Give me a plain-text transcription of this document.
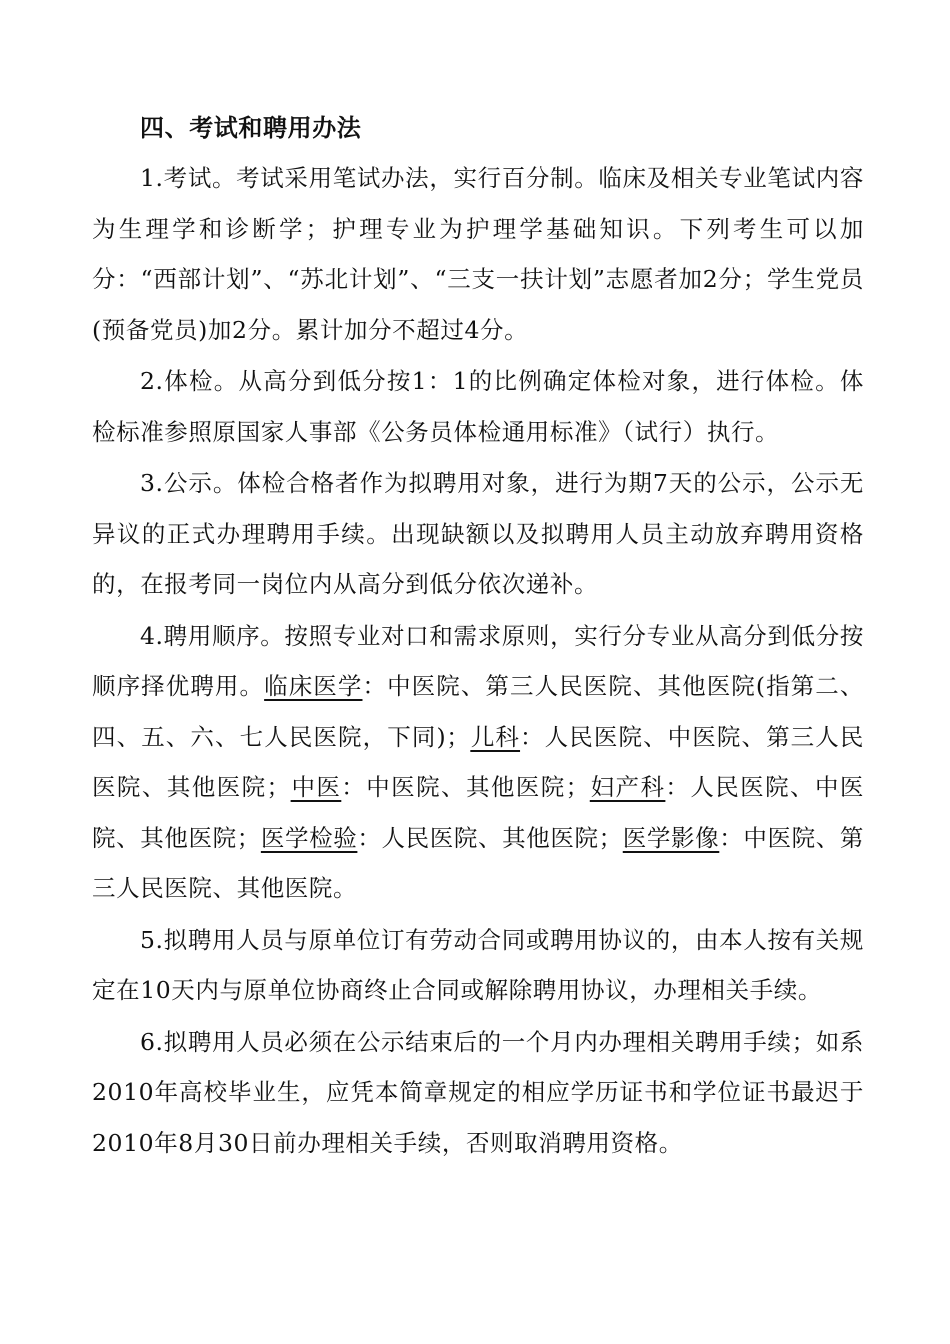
四、考试和聘用办法

1.考试。考试采用笔试办法，实行百分制。临床及相关专业笔试内容为生理学和诊断学；护理专业为护理学基础知识。下列考生可以加分：“西部计划”、“苏北计划”、“三支一扶计划”志愿者加2分；学生党员(预备党员)加2分。累计加分不超过4分。

2.体检。从高分到低分按1：1的比例确定体检对象，进行体检。体检标准参照原国家人事部《公务员体检通用标准》（试行）执行。

3.公示。体检合格者作为拟聘用对象，进行为期7天的公示，公示无异议的正式办理聘用手续。出现缺额以及拟聘用人员主动放弃聘用资格的，在报考同一岗位内从高分到低分依次递补。

4.聘用顺序。按照专业对口和需求原则，实行分专业从高分到低分按顺序择优聘用。临床医学：中医院、第三人民医院、其他医院(指第二、四、五、六、七人民医院，下同)；儿科：人民医院、中医院、第三人民医院、其他医院；中医：中医院、其他医院；妇产科：人民医院、中医院、其他医院；医学检验：人民医院、其他医院；医学影像：中医院、第三人民医院、其他医院。

5.拟聘用人员与原单位订有劳动合同或聘用协议的，由本人按有关规定在10天内与原单位协商终止合同或解除聘用协议，办理相关手续。

6.拟聘用人员必须在公示结束后的一个月内办理相关聘用手续；如系2010年高校毕业生，应凭本简章规定的相应学历证书和学位证书最迟于2010年8月30日前办理相关手续，否则取消聘用资格。
